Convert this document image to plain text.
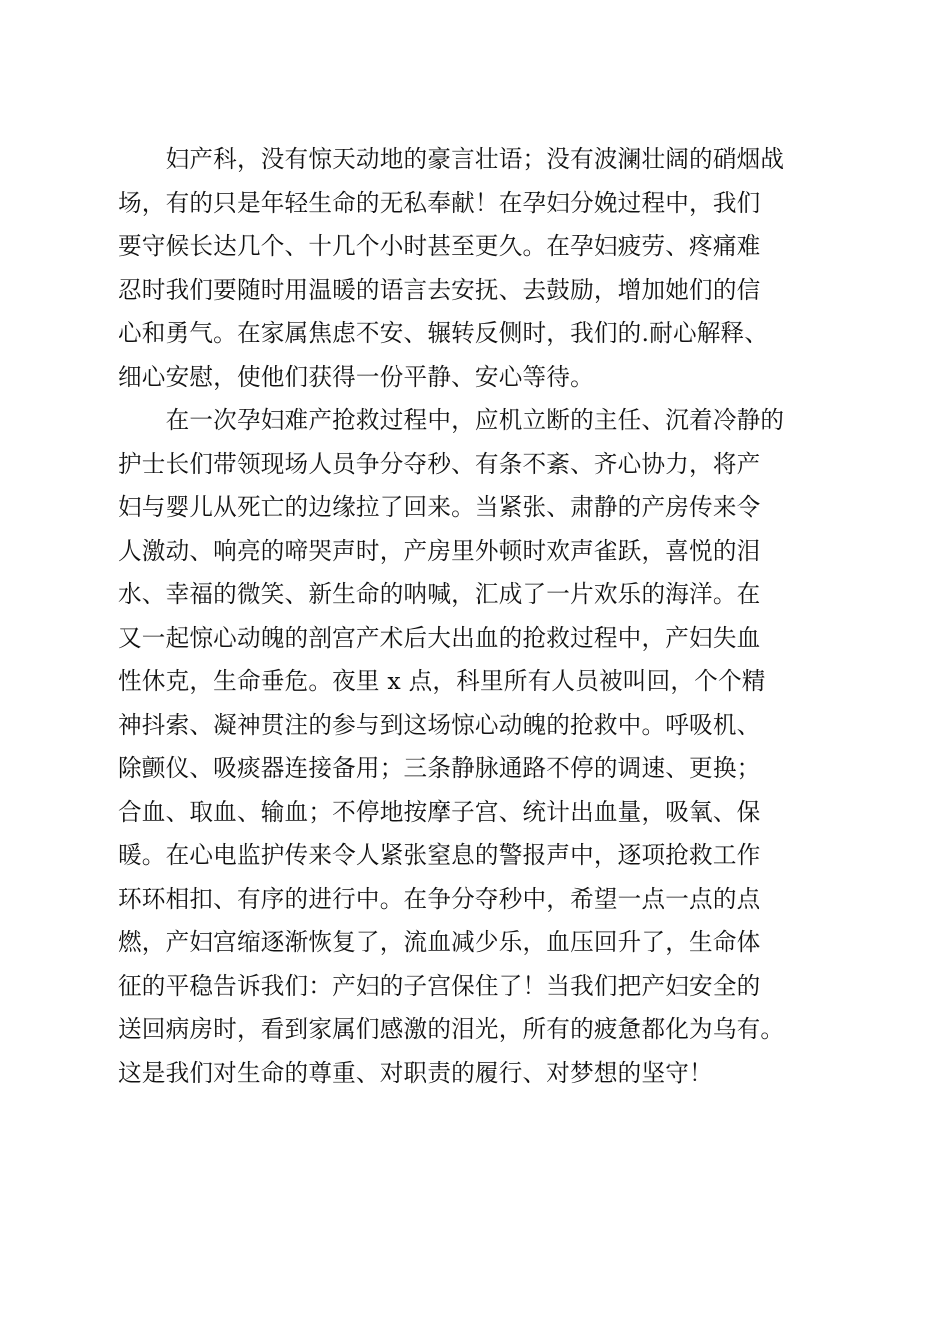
　　妇产科，没有惊天动地的豪言壮语；没有波澜壮阔的硝烟战
场，有的只是年轻生命的无私奉献！在孕妇分娩过程中，我们
要守候长达几个、十几个小时甚至更久。在孕妇疲劳、疼痛难
忍时我们要随时用温暖的语言去安抚、去鼓励，增加她们的信
心和勇气。在家属焦虑不安、辗转反侧时，我们的.耐心解释、
细心安慰，使他们获得一份平静、安心等待。
　　在一次孕妇难产抢救过程中，应机立断的主任、沉着冷静的
护士长们带领现场人员争分夺秒、有条不紊、齐心协力，将产
妇与婴儿从死亡的边缘拉了回来。当紧张、肃静的产房传来令
人激动、响亮的啼哭声时，产房里外顿时欢声雀跃，喜悦的泪
水、幸福的微笑、新生命的呐喊，汇成了一片欢乐的海洋。在
又一起惊心动魄的剖宫产术后大出血的抢救过程中，产妇失血
性休克，生命垂危。夜里 x 点，科里所有人员被叫回，个个精
神抖索、凝神贯注的参与到这场惊心动魄的抢救中。呼吸机、
除颤仪、吸痰器连接备用；三条静脉通路不停的调速、更换；
合血、取血、输血；不停地按摩子宫、统计出血量，吸氧、保
暖。在心电监护传来令人紧张窒息的警报声中，逐项抢救工作
环环相扣、有序的进行中。在争分夺秒中，希望一点一点的点
燃，产妇宫缩逐渐恢复了，流血减少乐，血压回升了，生命体
征的平稳告诉我们：产妇的子宫保住了！当我们把产妇安全的
送回病房时，看到家属们感激的泪光，所有的疲惫都化为乌有。
这是我们对生命的尊重、对职责的履行、对梦想的坚守！
